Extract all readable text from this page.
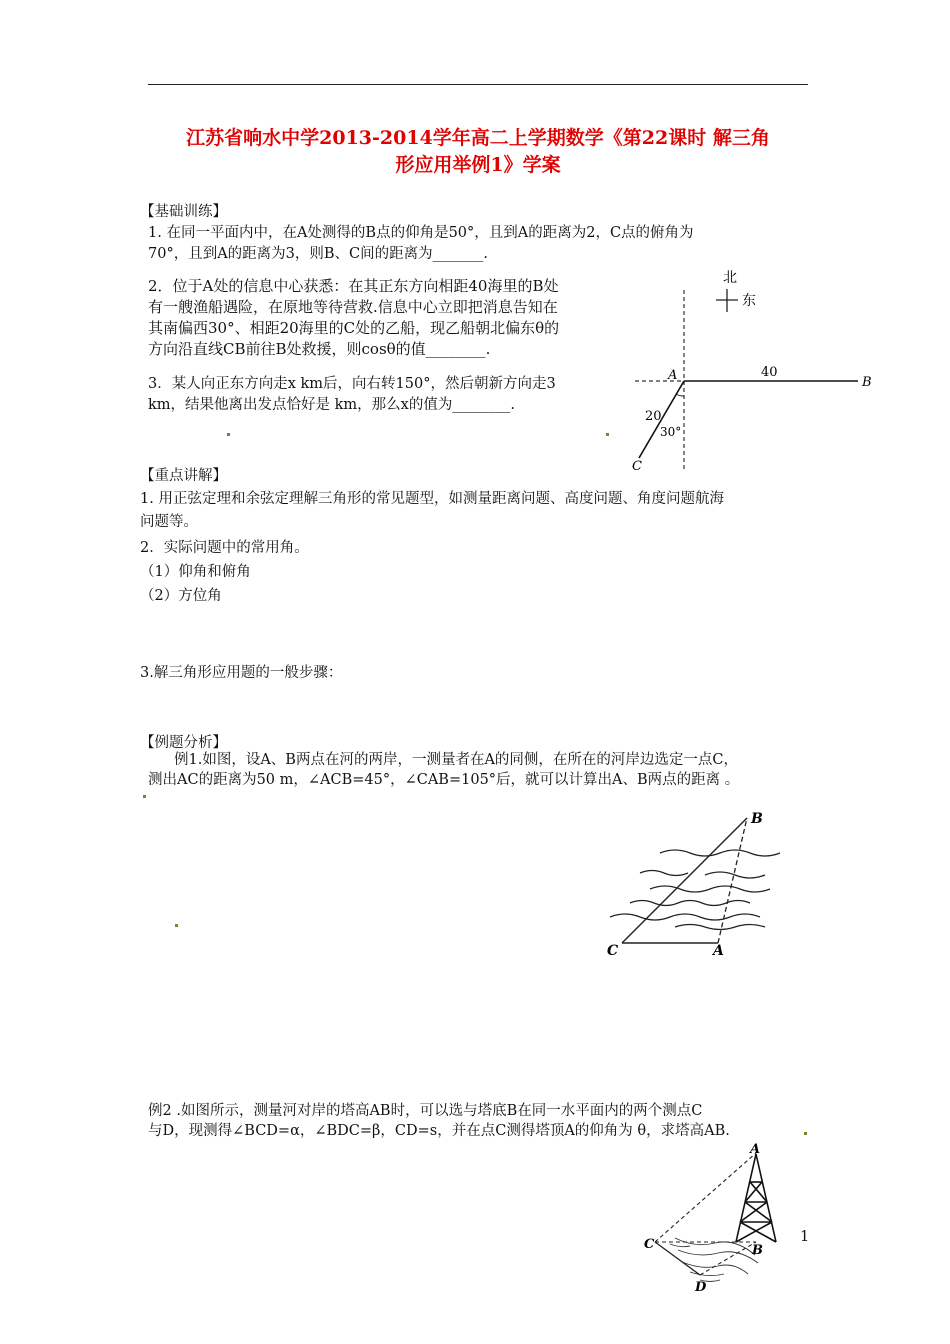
江苏省响水中学2013-2014学年高二上学期数学《第22课时 解三角
形应用举例1》学案
【基础训练】
1. 在同一平面内中，在A处测得的B点的仰角是50°，且到A的距离为2，C点的俯角为
70°，且到A的距离为3，则B、C间的距离为_______.
2．位于A处的信息中心获悉：在其正东方向相距40海里的B处
有一艘渔船遇险，在原地等待营救.信息中心立即把消息告知在
其南偏西30°、相距20海里的C处的乙船，现乙船朝北偏东θ的
方向沿直线CB前往B处救援，则cosθ的值________.
3．某人向正东方向走x km后，向右转150°，然后朝新方向走3
km，结果他离出发点恰好是 km，那么x的值为________.
北
东
A	B
C
40
20
30°
【重点讲解】
1. 用正弦定理和余弦定理解三角形的常见题型，如测量距离问题、高度问题、角度问题航海
问题等。
2．实际问题中的常用角。
（1）仰角和俯角
（2）方位角
3.解三角形应用题的一般步骤：
【例题分析】
例1.如图，设A、B两点在河的两岸，一测量者在A的同侧，在所在的河岸边选定一点C，
测出AC的距离为50 m，∠ACB=45°，∠CAB=105°后，就可以计算出A、B两点的距离 。
B
C	A
例2 .如图所示，测量河对岸的塔高AB时，可以选与塔底B在同一水平面内的两个测点C
与D，现测得∠BCD=α，∠BDC=β，CD=s，并在点C测得塔顶A的仰角为 θ，求塔高AB.
A
B
C
D
1
